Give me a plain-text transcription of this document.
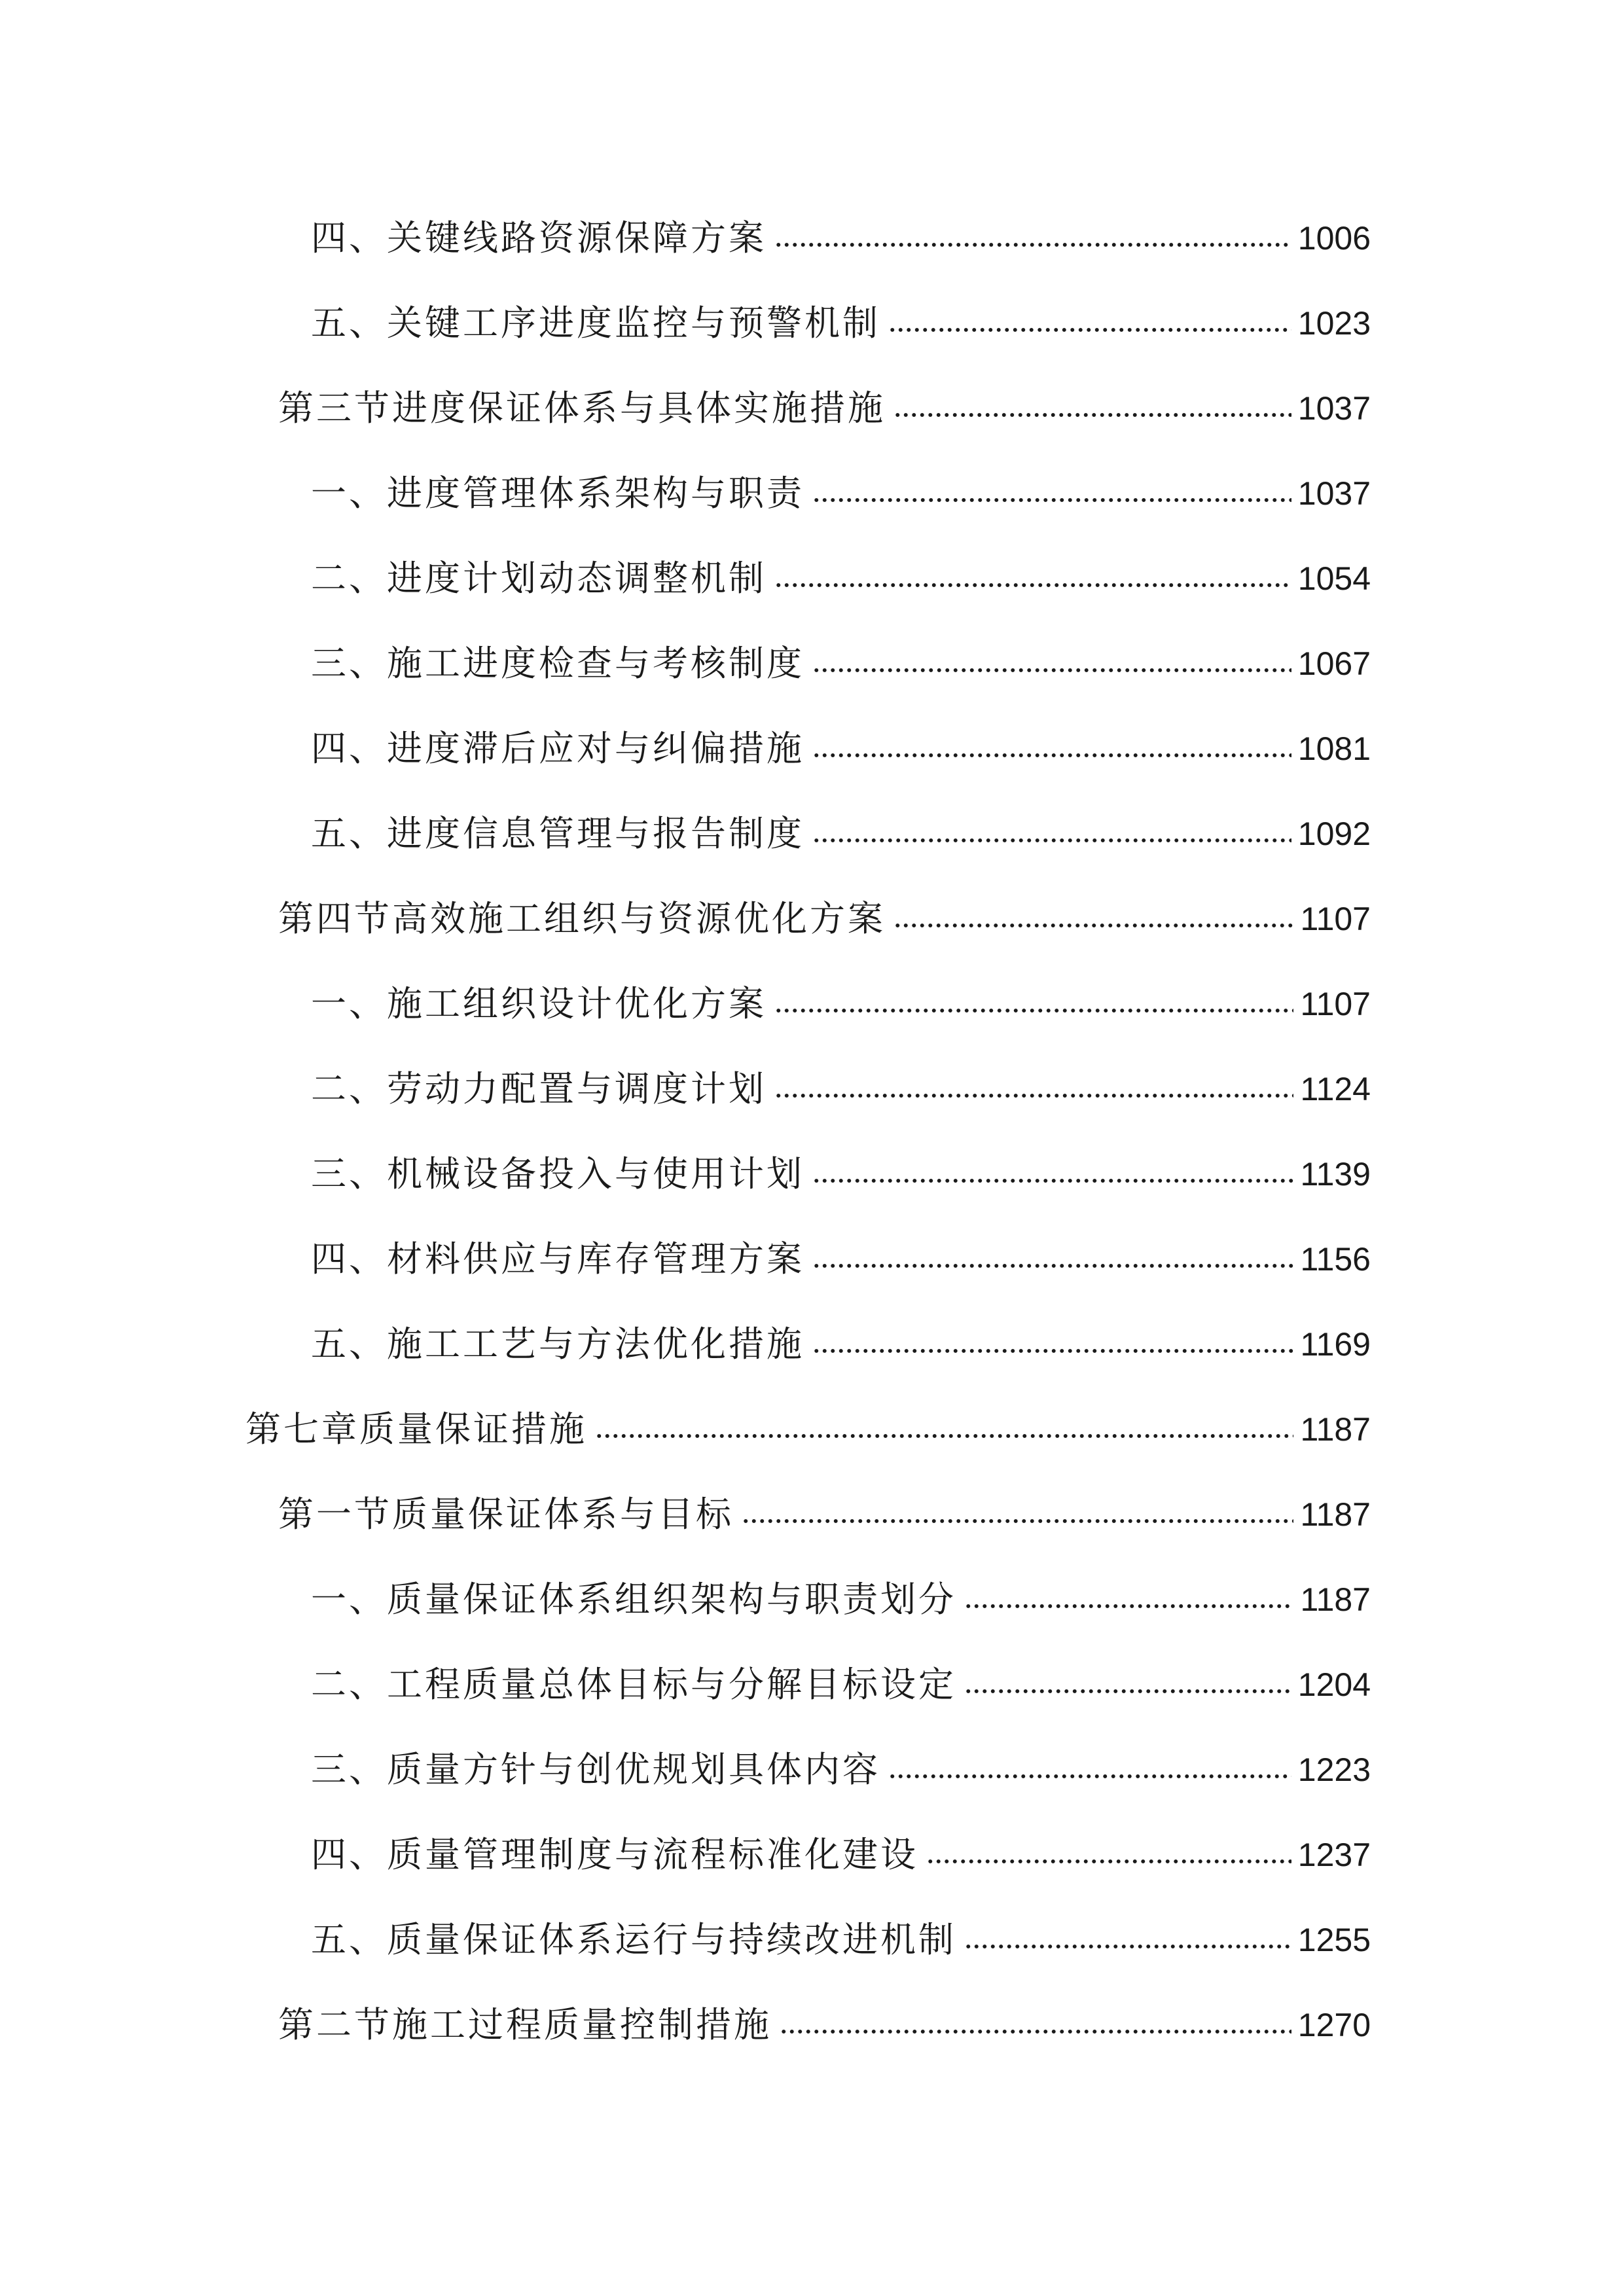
四、关键线路资源保障方案	1006
五、关键工序进度监控与预警机制	1023
第三节进度保证体系与具体实施措施	1037
一、进度管理体系架构与职责	1037
二、进度计划动态调整机制	1054
三、施工进度检查与考核制度	1067
四、进度滞后应对与纠偏措施	1081
五、进度信息管理与报告制度	1092
第四节高效施工组织与资源优化方案	1107
一、施工组织设计优化方案	1107
二、劳动力配置与调度计划	1124
三、机械设备投入与使用计划	1139
四、材料供应与库存管理方案	1156
五、施工工艺与方法优化措施	1169
第七章质量保证措施	1187
第一节质量保证体系与目标	1187
一、质量保证体系组织架构与职责划分	1187
二、工程质量总体目标与分解目标设定	1204
三、质量方针与创优规划具体内容	1223
四、质量管理制度与流程标准化建设	1237
五、质量保证体系运行与持续改进机制	1255
第二节施工过程质量控制措施	1270
